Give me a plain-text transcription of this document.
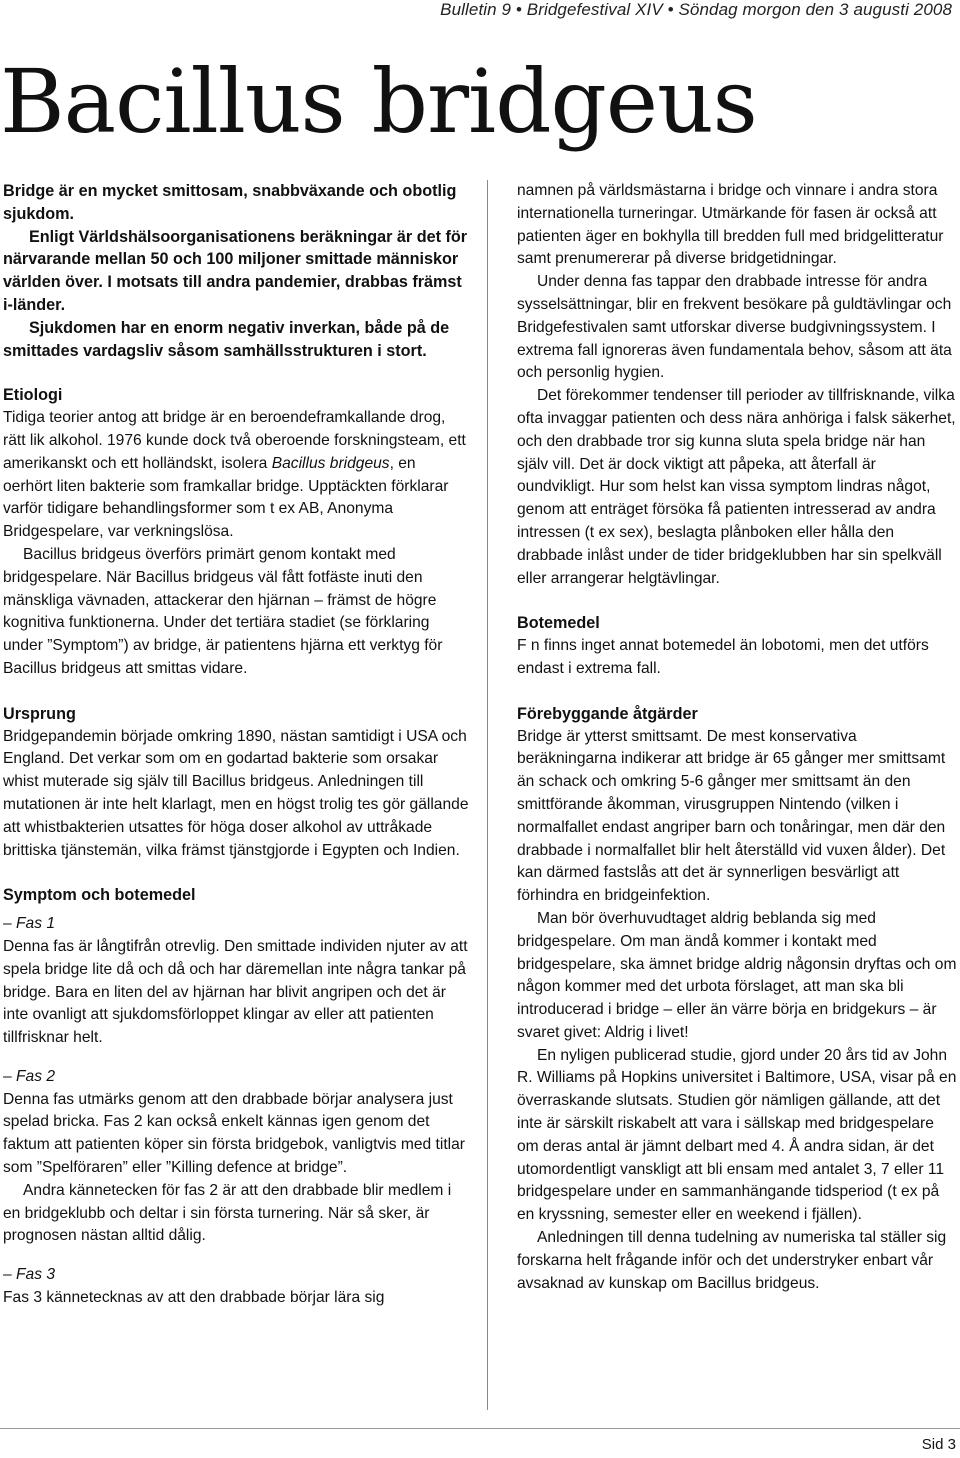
Bulletin 9 • Bridgefestival XIV • Söndag morgon den 3 augusti 2008
Bacillus bridgeus

Bridge är en mycket smittosam, snabbväxande och obotlig sjukdom.

Enligt Världshälsoorganisationens beräkningar är det för närvarande mellan 50 och 100 miljoner smittade människor världen över. I motsats till andra pandemier, drabbas främst i-länder.

Sjukdomen har en enorm negativ inverkan, både på de smittades vardagsliv såsom samhällsstrukturen i stort.

Etiologi

Tidiga teorier antog att bridge är en beroendeframkallande drog, rätt lik alkohol. 1976 kunde dock två oberoende forskningsteam, ett amerikanskt och ett holländskt, isolera Bacillus bridgeus, en oerhört liten bakterie som framkallar bridge. Upptäckten förklarar varför tidigare behandlingsformer som t ex AB, Anonyma Bridgespelare, var verkningslösa.

Bacillus bridgeus överförs primärt genom kontakt med bridgespelare. När Bacillus bridgeus väl fått fotfäste inuti den mänskliga vävnaden, attackerar den hjärnan – främst de högre kognitiva funktionerna. Under det tertiära stadiet (se förklaring under ”Symptom”) av bridge, är patientens hjärna ett verktyg för Bacillus bridgeus att smittas vidare.

Ursprung

Bridgepandemin började omkring 1890, nästan samtidigt i USA och England. Det verkar som om en godartad bakterie som orsakar whist muterade sig själv till Bacillus bridgeus. Anledningen till mutationen är inte helt klarlagt, men en högst trolig tes gör gällande att whistbakterien utsattes för höga doser alkohol av uttråkade brittiska tjänstemän, vilka främst tjänstgjorde i Egypten och Indien.

Symptom och botemedel

– Fas 1

Denna fas är långtifrån otrevlig. Den smittade individen njuter av att spela bridge lite då och då och har däremellan inte några tankar på bridge. Bara en liten del av hjärnan har blivit angripen och det är inte ovanligt att sjukdomsförloppet klingar av eller att patienten tillfrisknar helt.

– Fas 2

Denna fas utmärks genom att den drabbade börjar analysera just spelad bricka. Fas 2 kan också enkelt kännas igen genom det faktum att patienten köper sin första bridgebok, vanligtvis med titlar som ”Spelföraren” eller ”Killing defence at bridge”.

Andra kännetecken för fas 2 är att den drabbade blir medlem i en bridgeklubb och deltar i sin första turnering. När så sker, är prognosen nästan alltid dålig.

– Fas 3

Fas 3 kännetecknas av att den drabbade börjar lära sig

namnen på världsmästarna i bridge och vinnare i andra stora internationella turneringar. Utmärkande för fasen är också att patienten äger en bokhylla till bredden full med bridgelitteratur samt prenumererar på diverse bridgetidningar.

Under denna fas tappar den drabbade intresse för andra sysselsättningar, blir en frekvent besökare på guldtävlingar och Bridgefestivalen samt utforskar diverse budgivningssystem. I extrema fall ignoreras även fundamentala behov, såsom att äta och personlig hygien.

Det förekommer tendenser till perioder av tillfrisknande, vilka ofta invaggar patienten och dess nära anhöriga i falsk säkerhet, och den drabbade tror sig kunna sluta spela bridge när han själv vill. Det är dock viktigt att påpeka, att återfall är oundvikligt. Hur som helst kan vissa symptom lindras något, genom att enträget försöka få patienten intresserad av andra intressen (t ex sex), beslagta plånboken eller hålla den drabbade inlåst under de tider bridgeklubben har sin spelkväll eller arrangerar helgtävlingar.

Botemedel

F n finns inget annat botemedel än lobotomi, men det utförs endast i extrema fall.

Förebyggande åtgärder

Bridge är ytterst smittsamt. De mest konservativa beräkningarna indikerar att bridge är 65 gånger mer smittsamt än schack och omkring 5-6 gånger mer smittsamt än den smittförande åkomman, virusgruppen Nintendo (vilken i normalfallet endast angriper barn och tonåringar, men där den drabbade i normalfallet blir helt återställd vid vuxen ålder). Det kan därmed fastslås att det är synnerligen besvärligt att förhindra en bridgeinfektion.

Man bör överhuvudtaget aldrig beblanda sig med bridgespelare. Om man ändå kommer i kontakt med bridgespelare, ska ämnet bridge aldrig någonsin dryftas och om någon kommer med det urbota förslaget, att man ska bli introducerad i bridge – eller än värre börja en bridgekurs – är svaret givet: Aldrig i livet!

En nyligen publicerad studie, gjord under 20 års tid av John R. Williams på Hopkins universitet i Baltimore, USA, visar på en överraskande slutsats. Studien gör nämligen gällande, att det inte är särskilt riskabelt att vara i sällskap med bridgespelare om deras antal är jämnt delbart med 4. Å andra sidan, är det utomordentligt vanskligt att bli ensam med antalet 3, 7 eller 11 bridgespelare under en sammanhängande tidsperiod (t ex på en kryssning, semester eller en weekend i fjällen).

Anledningen till denna tudelning av numeriska tal ställer sig forskarna helt frågande inför och det understryker enbart vår avsaknad av kunskap om Bacillus bridgeus.

Sid 3
